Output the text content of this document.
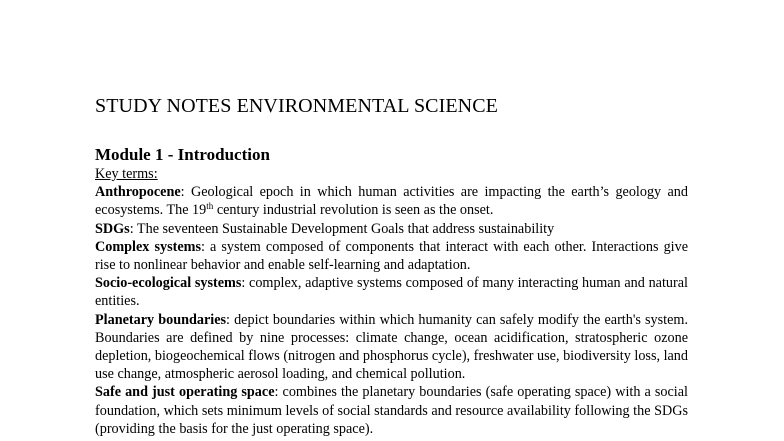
STUDY NOTES ENVIRONMENTAL SCIENCE
Module 1 - Introduction
Key terms:

Anthropocene: Geological epoch in which human activities are impacting the earth’s geology and ecosystems. The 19th century industrial revolution is seen as the onset.

SDGs: The seventeen Sustainable Development Goals that address sustainability

Complex systems: a system composed of components that interact with each other. Interactions give rise to nonlinear behavior and enable self-learning and adaptation.

Socio-ecological systems: complex, adaptive systems composed of many interacting human and natural entities.

Planetary boundaries: depict boundaries within which humanity can safely modify the earth's system. Boundaries are defined by nine processes: climate change, ocean acidification, stratospheric ozone depletion, biogeochemical flows (nitrogen and phosphorus cycle), freshwater use, biodiversity loss, land use change, atmospheric aerosol loading, and chemical pollution.

Safe and just operating space: combines the planetary boundaries (safe operating space) with a social foundation, which sets minimum levels of social standards and resource availability following the SDGs (providing the basis for the just operating space).
